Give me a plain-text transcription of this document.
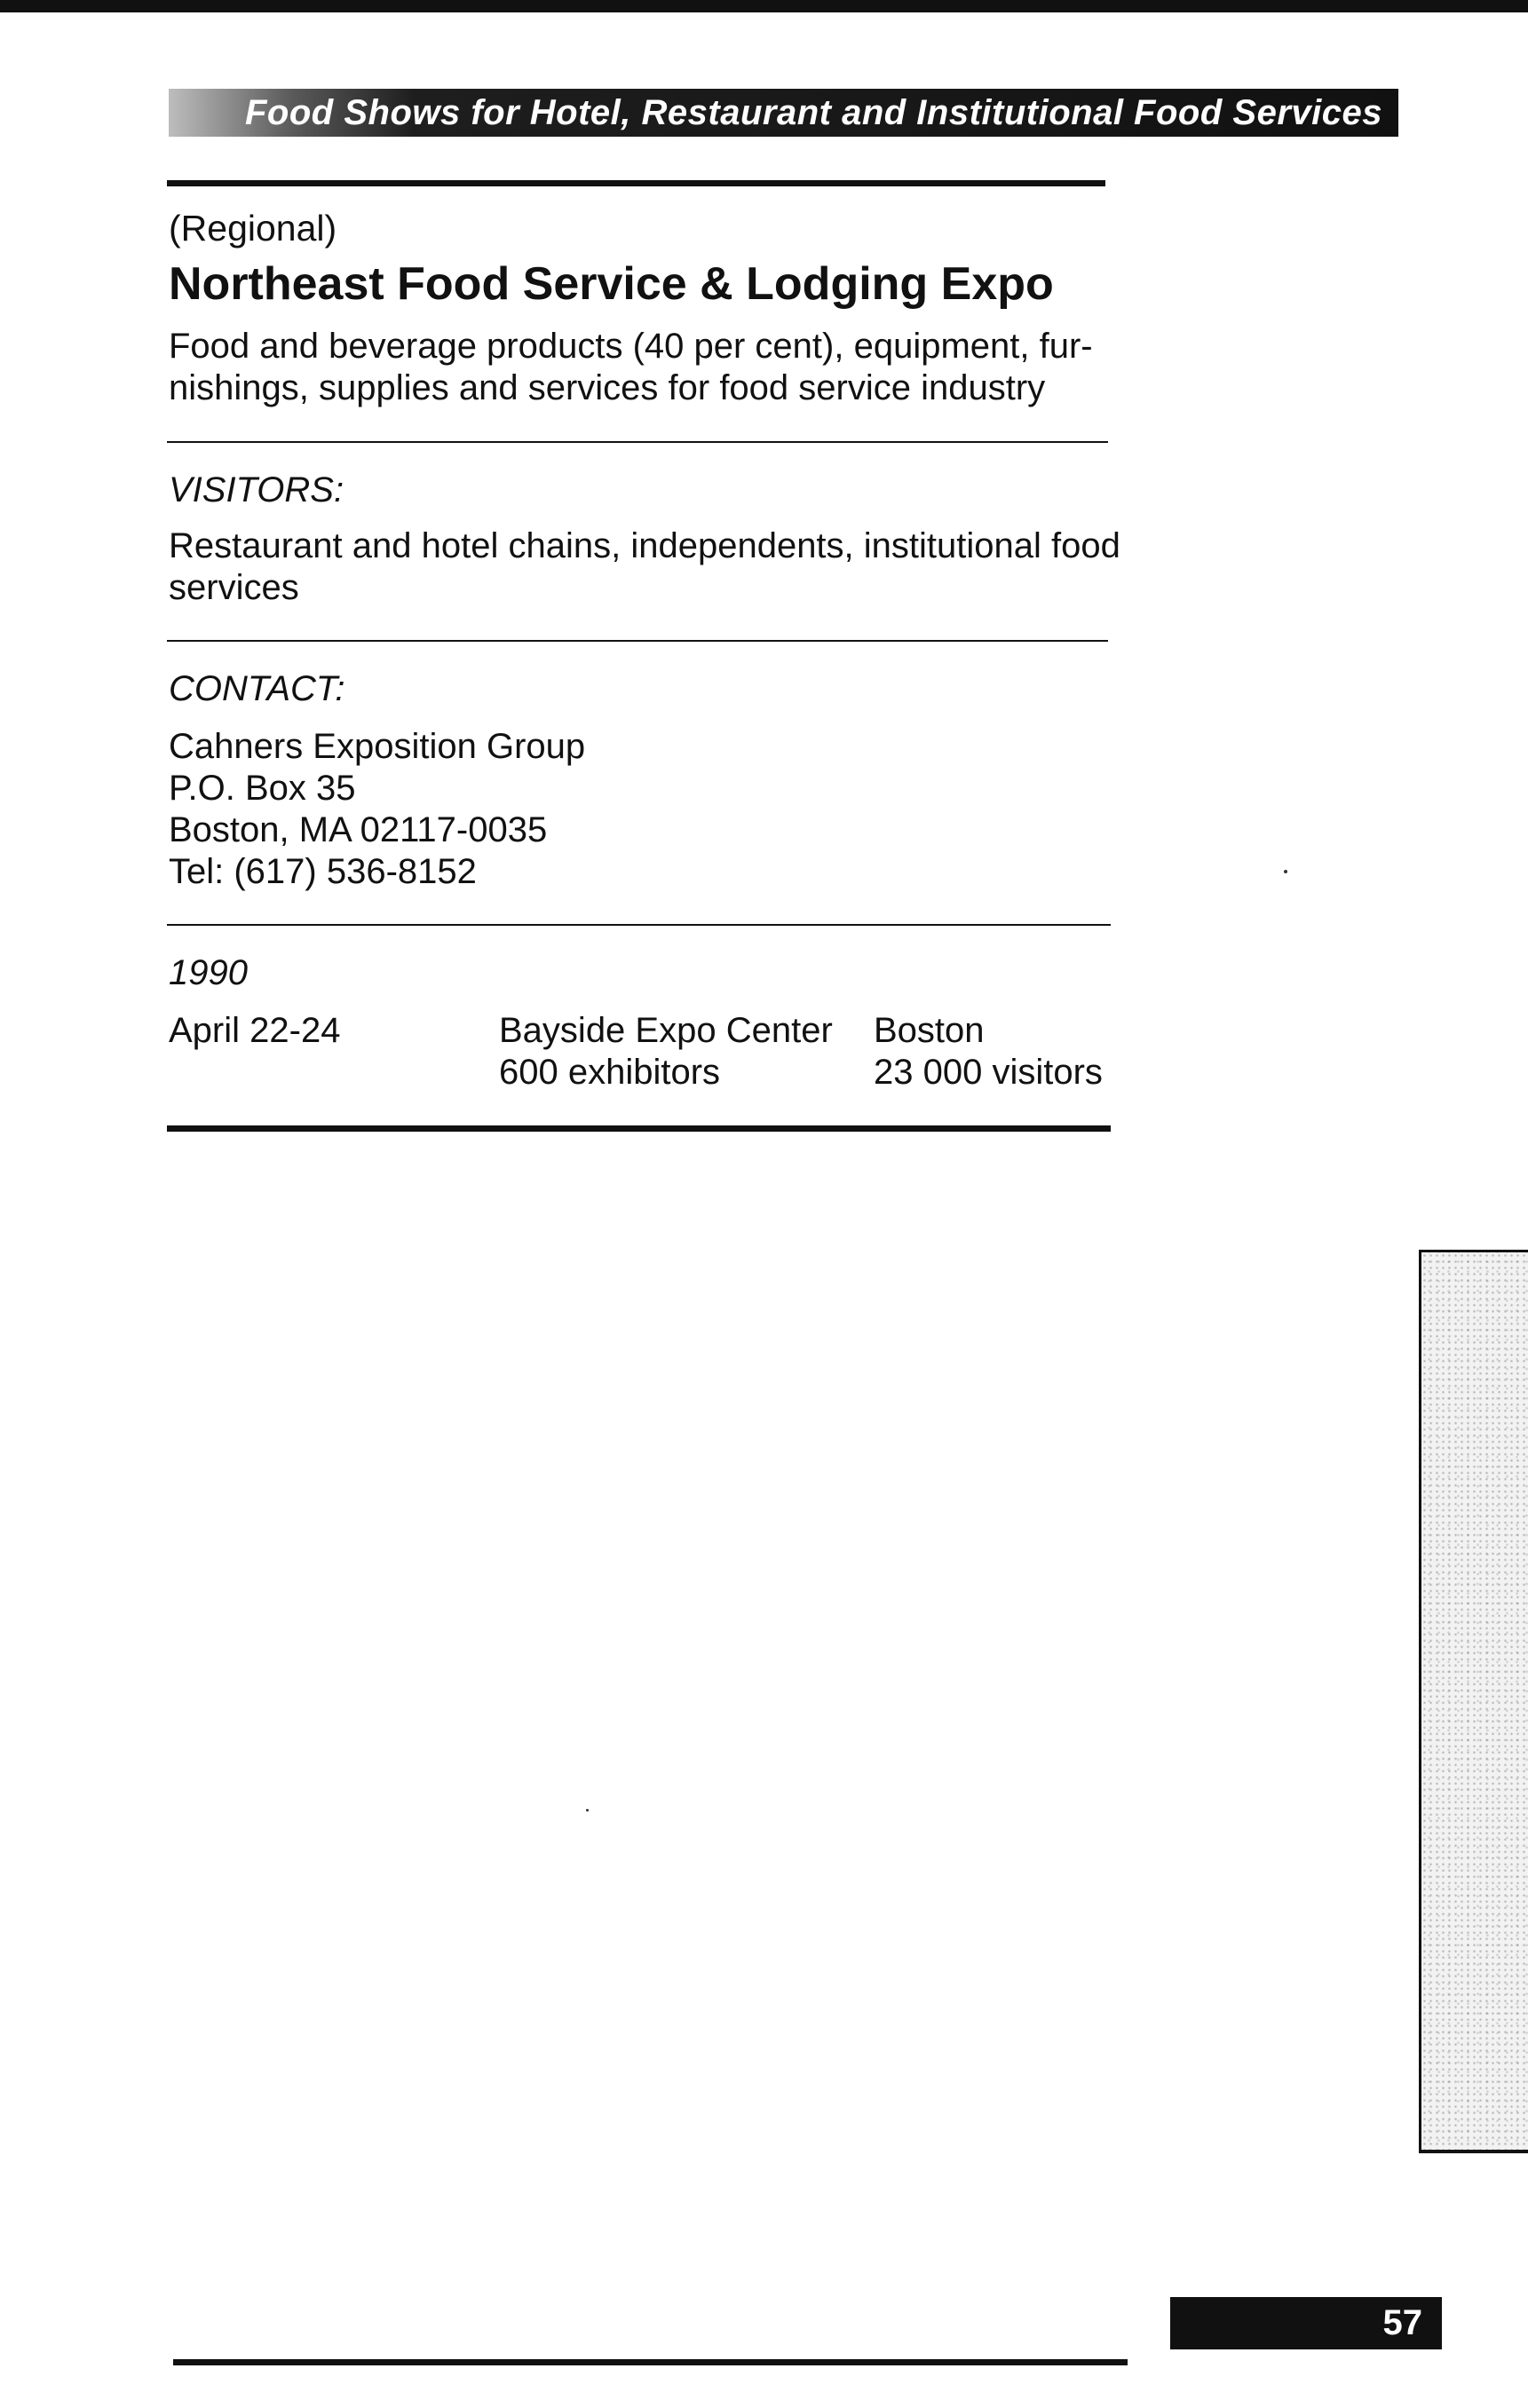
Food Shows for Hotel, Restaurant and Institutional Food Services

(Regional)

Northeast Food Service & Lodging Expo
Food and beverage products (40 per cent), equipment, fur-
nishings, supplies and services for food service industry

VISITORS:

Restaurant and hotel chains, independents, institutional food
services

CONTACT:

Cahners Exposition Group
P.O. Box 35
Boston, MA 02117-0035
Tel: (617) 536-8152

1990

April 22-24	Bayside Expo Center
600 exhibitors
Boston
23 000 visitors
57
